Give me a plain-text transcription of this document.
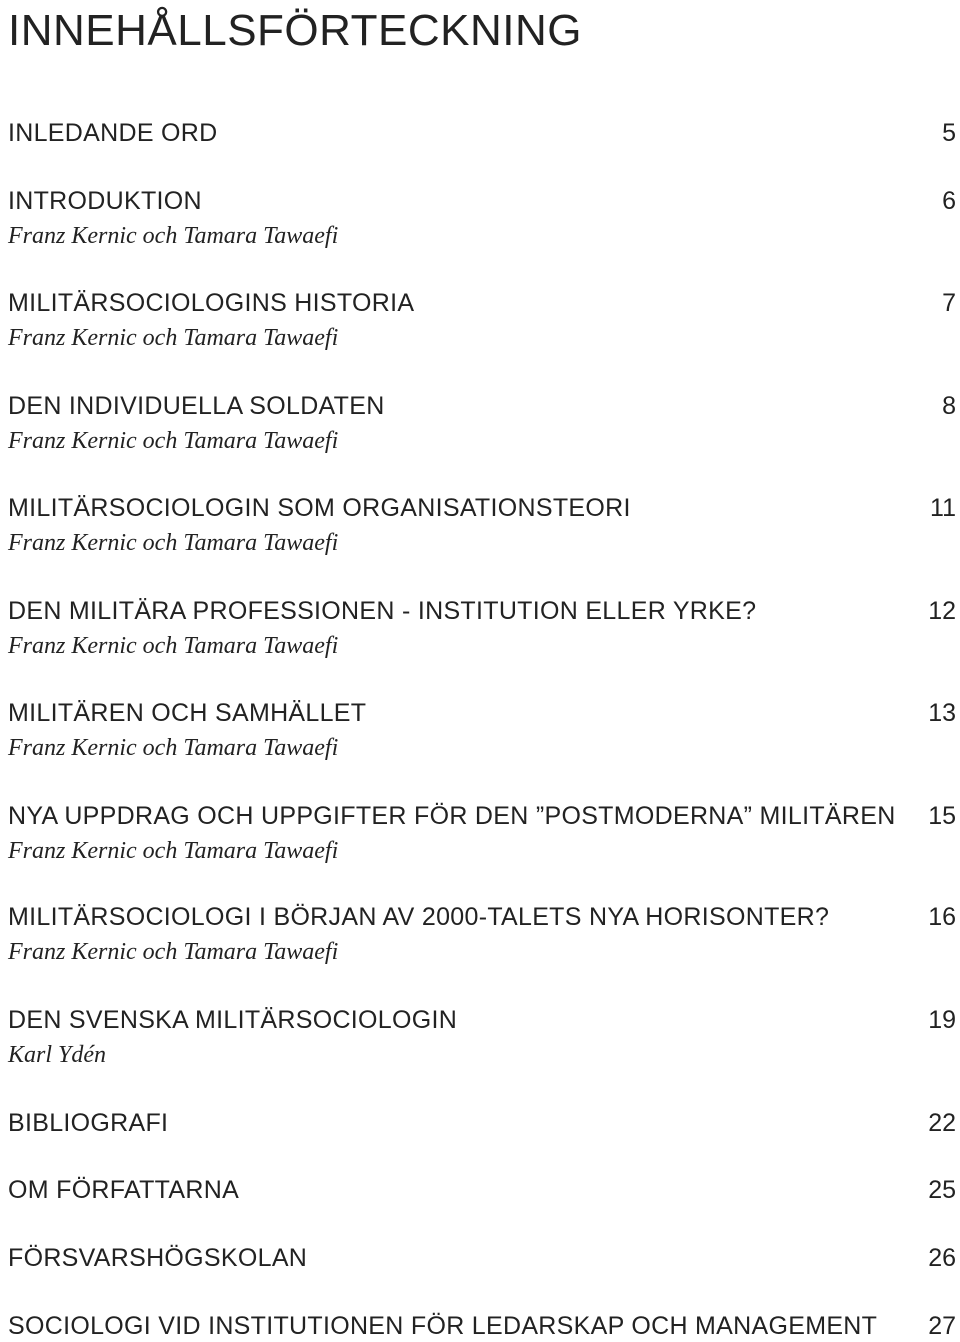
INNEHÅLLSFÖRTECKNING
INLEDANDE ORD	5
INTRODUKTION	6
Franz Kernic och Tamara Tawaefi
MILITÄRSOCIOLOGINS HISTORIA	7
Franz Kernic och Tamara Tawaefi
DEN INDIVIDUELLA SOLDATEN	8
Franz Kernic och Tamara Tawaefi
MILITÄRSOCIOLOGIN SOM ORGANISATIONSTEORI	11
Franz Kernic och Tamara Tawaefi
DEN MILITÄRA PROFESSIONEN - INSTITUTION ELLER YRKE?	12
Franz Kernic och Tamara Tawaefi
MILITÄREN OCH SAMHÄLLET	13
Franz Kernic och Tamara Tawaefi
NYA UPPDRAG OCH UPPGIFTER FÖR DEN ”POSTMODERNA” MILITÄREN 15
Franz Kernic och Tamara Tawaefi
MILITÄRSOCIOLOGI I BÖRJAN AV 2000-TALETS NYA HORISONTER?	16
Franz Kernic och Tamara Tawaefi
DEN SVENSKA MILITÄRSOCIOLOGIN	19
Karl Ydén
BIBLIOGRAFI	22
OM FÖRFATTARNA	25
FÖRSVARSHÖGSKOLAN	26
SOCIOLOGI VID INSTITUTIONEN FÖR LEDARSKAP OCH MANAGEMENT 27
